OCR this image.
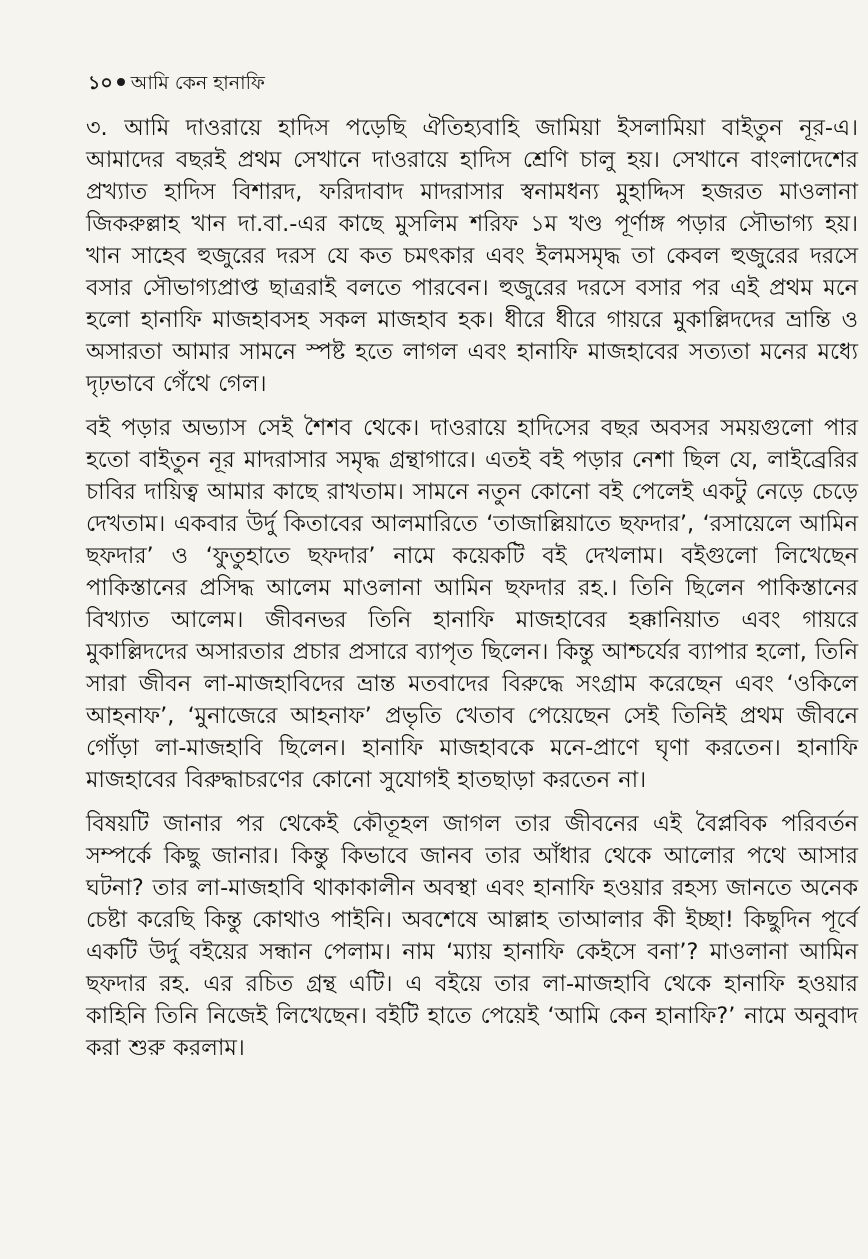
১০ আমি কেন হানাফি

৩. আমি দাওরায়ে হাদিস পড়েছি ঐতিহ্যবাহি জামিয়া ইসলামিয়া বাইতুন নূর-এ। আমাদের বছরই প্রথম সেখানে দাওরায়ে হাদিস শ্রেণি চালু হয়। সেখানে বাংলাদেশের প্রখ্যাত হাদিস বিশারদ, ফরিদাবাদ মাদরাসার স্বনামধন্য মুহাদ্দিস হজরত মাওলানা জিকরুল্লাহ খান দা.বা.-এর কাছে মুসলিম শরিফ ১ম খণ্ড পূর্ণাঙ্গ পড়ার সৌভাগ্য হয়। খান সাহেব হুজুরের দরস যে কত চমৎকার এবং ইলমসমৃদ্ধ তা কেবল হুজুরের দরসে বসার সৌভাগ্যপ্রাপ্ত ছাত্ররাই বলতে পারবেন। হুজুরের দরসে বসার পর এই প্রথম মনে হলো হানাফি মাজহাবসহ সকল মাজহাব হক। ধীরে ধীরে গায়রে মুকাল্লিদদের ভ্রান্তি ও অসারতা আমার সামনে স্পষ্ট হতে লাগল এবং হানাফি মাজহাবের সত্যতা মনের মধ্যে দৃঢ়ভাবে গেঁথে গেল।

বই পড়ার অভ্যাস সেই শৈশব থেকে। দাওরায়ে হাদিসের বছর অবসর সময়গুলো পার হতো বাইতুন নূর মাদরাসার সমৃদ্ধ গ্রন্থাগারে। এতই বই পড়ার নেশা ছিল যে, লাইব্রেরির চাবির দায়িত্ব আমার কাছে রাখতাম। সামনে নতুন কোনো বই পেলেই একটু নেড়ে চেড়ে দেখতাম। একবার উর্দু কিতাবের আলমারিতে ‘তাজাল্লিয়াতে ছফদার’, ‘রসায়েলে আমিন ছফদার’ ও ‘ফুতুহাতে ছফদার’ নামে কয়েকটি বই দেখলাম। বইগুলো লিখেছেন পাকিস্তানের প্রসিদ্ধ আলেম মাওলানা আমিন ছফদার রহ.। তিনি ছিলেন পাকিস্তানের বিখ্যাত আলেম। জীবনভর তিনি হানাফি মাজহাবের হক্কানিয়াত এবং গায়রে মুকাল্লিদদের অসারতার প্রচার প্রসারে ব্যাপৃত ছিলেন। কিন্তু আশ্চর্যের ব্যাপার হলো, তিনি সারা জীবন লা-মাজহাবিদের ভ্রান্ত মতবাদের বিরুদ্ধে সংগ্রাম করেছেন এবং ‘ওকিলে আহনাফ’, ‘মুনাজেরে আহনাফ’ প্রভৃতি খেতাব পেয়েছেন সেই তিনিই প্রথম জীবনে গোঁড়া লা-মাজহাবি ছিলেন। হানাফি মাজহাবকে মনে-প্রাণে ঘৃণা করতেন। হানাফি মাজহাবের বিরুদ্ধাচরণের কোনো সুযোগই হাতছাড়া করতেন না।

বিষয়টি জানার পর থেকেই কৌতূহল জাগল তার জীবনের এই বৈপ্লবিক পরিবর্তন সম্পর্কে কিছু জানার। কিন্তু কিভাবে জানব তার আঁধার থেকে আলোর পথে আসার ঘটনা? তার লা-মাজহাবি থাকাকালীন অবস্থা এবং হানাফি হওয়ার রহস্য জানতে অনেক চেষ্টা করেছি কিন্তু কোথাও পাইনি। অবশেষে আল্লাহ তাআলার কী ইচ্ছা! কিছুদিন পূর্বে একটি উর্দু বইয়ের সন্ধান পেলাম। নাম ‘ম্যায় হানাফি কেইসে বনা’? মাওলানা আমিন ছফদার রহ. এর রচিত গ্রন্থ এটি। এ বইয়ে তার লা-মাজহাবি থেকে হানাফি হওয়ার কাহিনি তিনি নিজেই লিখেছেন। বইটি হাতে পেয়েই ‘আমি কেন হানাফি?’ নামে অনুবাদ করা শুরু করলাম।
